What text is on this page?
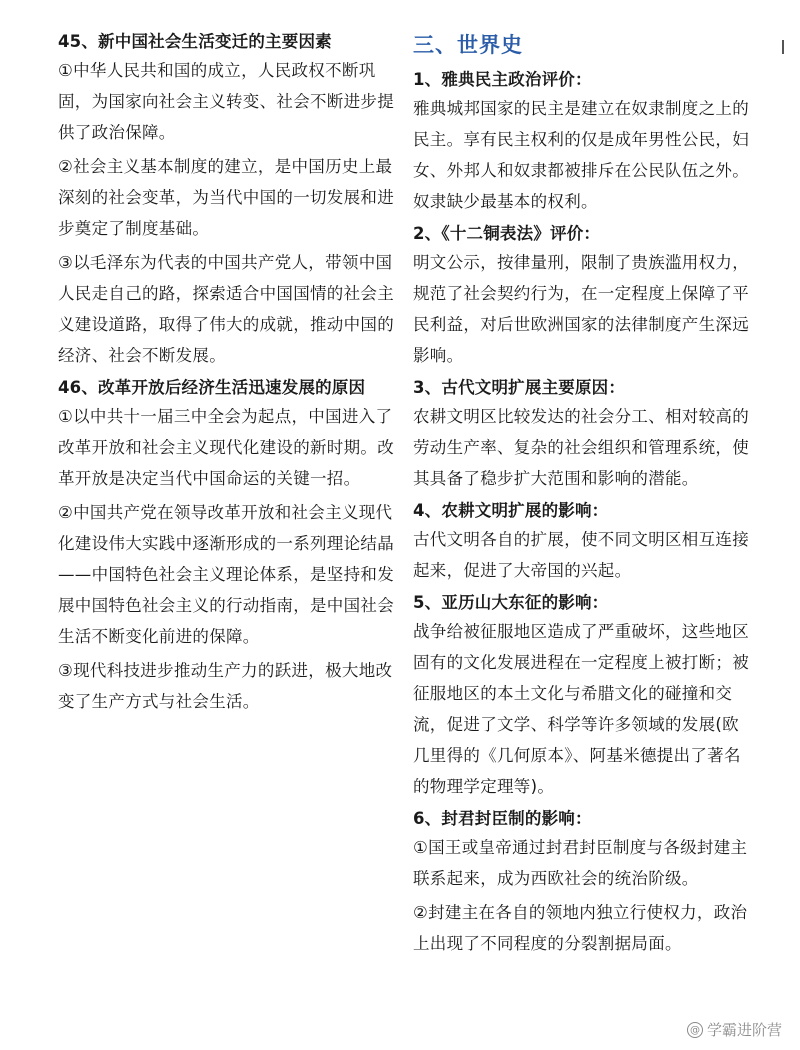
45、新中国社会生活变迁的主要因素

①中华人民共和国的成立，人民政权不断巩固，为国家向社会主义转变、社会不断进步提供了政治保障。

②社会主义基本制度的建立，是中国历史上最深刻的社会变革，为当代中国的一切发展和进步奠定了制度基础。

③以毛泽东为代表的中国共产党人，带领中国人民走自己的路，探索适合中国国情的社会主义建设道路，取得了伟大的成就，推动中国的经济、社会不断发展。

46、改革开放后经济生活迅速发展的原因

①以中共十一届三中全会为起点，中国进入了改革开放和社会主义现代化建设的新时期。改革开放是决定当代中国命运的关键一招。

②中国共产党在领导改革开放和社会主义现代化建设伟大实践中逐渐形成的一系列理论结晶——中国特色社会主义理论体系，是坚持和发展中国特色社会主义的行动指南，是中国社会生活不断变化前进的保障。

③现代科技进步推动生产力的跃进，极大地改变了生产方式与社会生活。

三、世界史

1、雅典民主政治评价：

雅典城邦国家的民主是建立在奴隶制度之上的民主。享有民主权利的仅是成年男性公民，妇女、外邦人和奴隶都被排斥在公民队伍之外。奴隶缺少最基本的权利。

2、《十二铜表法》评价：

明文公示，按律量刑，限制了贵族滥用权力，规范了社会契约行为，在一定程度上保障了平民利益，对后世欧洲国家的法律制度产生深远影响。

3、古代文明扩展主要原因：

农耕文明区比较发达的社会分工、相对较高的劳动生产率、复杂的社会组织和管理系统，使其具备了稳步扩大范围和影响的潜能。

4、农耕文明扩展的影响：

古代文明各自的扩展，使不同文明区相互连接起来，促进了大帝国的兴起。

5、亚历山大东征的影响：

战争给被征服地区造成了严重破坏，这些地区固有的文化发展进程在一定程度上被打断；被征服地区的本土文化与希腊文化的碰撞和交流，促进了文学、科学等许多领域的发展(欧几里得的《几何原本》、阿基米德提出了著名的物理学定理等)。

6、封君封臣制的影响：

①国王或皇帝通过封君封臣制度与各级封建主联系起来，成为西欧社会的统治阶级。

②封建主在各自的领地内独立行使权力，政治上出现了不同程度的分裂割据局面。

@ 学霸进阶营
